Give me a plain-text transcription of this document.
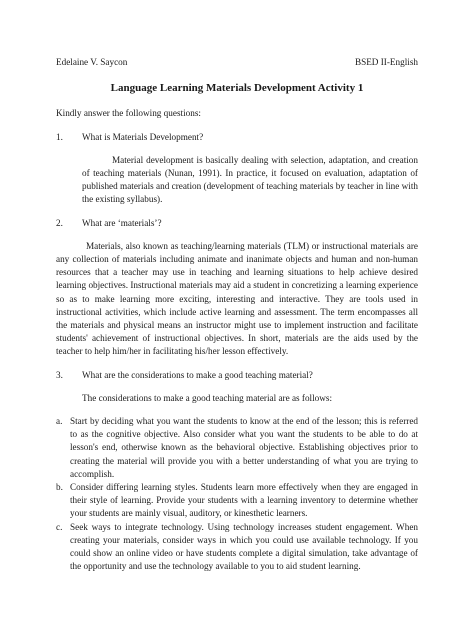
Edelaine V. Saycon	BSED II-English
Language Learning Materials Development Activity 1
Kindly answer the following questions:
1.	What is Materials Development?
Material development is basically dealing with selection, adaptation, and creation of teaching materials (Nunan, 1991). In practice, it focused on evaluation, adaptation of published materials and creation (development of teaching materials by teacher in line with the existing syllabus).
2.	What are ‘materials’?
Materials, also known as teaching/learning materials (TLM) or instructional materials are any collection of materials including animate and inanimate objects and human and non-human resources that a teacher may use in teaching and learning situations to help achieve desired learning objectives. Instructional materials may aid a student in concretizing a learning experience so as to make learning more exciting, interesting and interactive. They are tools used in instructional activities, which include active learning and assessment. The term encompasses all the materials and physical means an instructor might use to implement instruction and facilitate students' achievement of instructional objectives. In short, materials are the aids used by the teacher to help him/her in facilitating his/her lesson effectively.
3.	What are the considerations to make a good teaching material?
The considerations to make a good teaching material are as follows:
a. Start by deciding what you want the students to know at the end of the lesson; this is referred to as the cognitive objective. Also consider what you want the students to be able to do at lesson's end, otherwise known as the behavioral objective. Establishing objectives prior to creating the material will provide you with a better understanding of what you are trying to accomplish.
b. Consider differing learning styles. Students learn more effectively when they are engaged in their style of learning. Provide your students with a learning inventory to determine whether your students are mainly visual, auditory, or kinesthetic learners.
c. Seek ways to integrate technology. Using technology increases student engagement. When creating your materials, consider ways in which you could use available technology. If you could show an online video or have students complete a digital simulation, take advantage of the opportunity and use the technology available to you to aid student learning.
